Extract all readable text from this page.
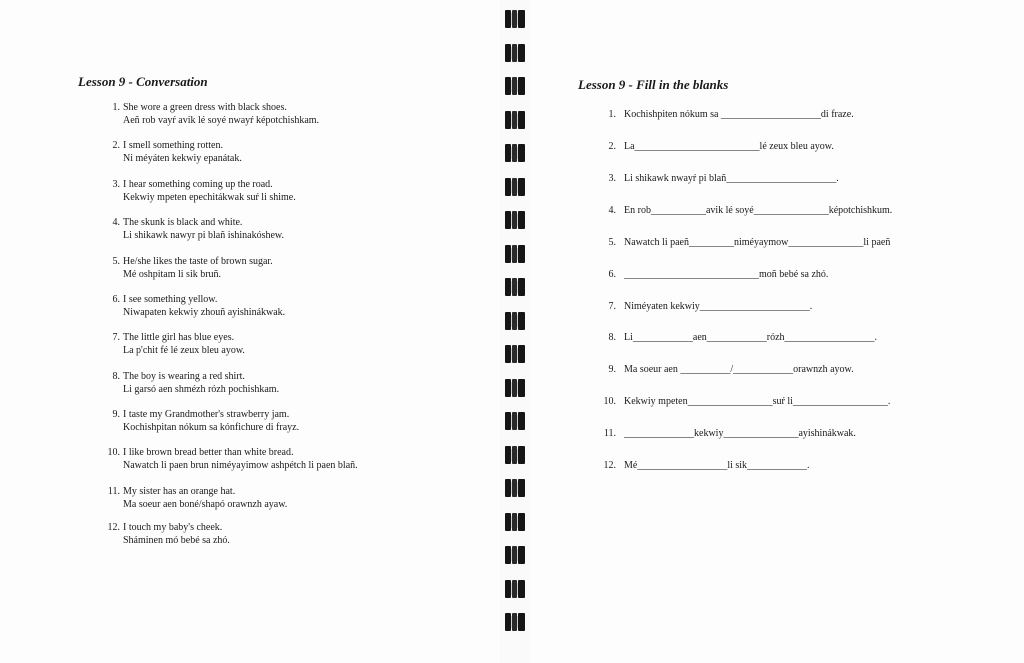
Lesson 9 - Conversation
1. She wore a green dress with black shoes.
Aeñ rob vayŕ avik lé soyé nwayŕ képotchishkam.
2. I smell something rotten.
Ni méyáten kekwiy epanátak.
3. I hear something coming up the road.
Kekwiy mpeten epechitákwak suŕ li shime.
4. The skunk is black and white.
Li shikawk nawyr pi blañ ishinakóshew.
5. He/she likes the taste of brown sugar.
Mé oshpitam li sik bruñ.
6. I see something yellow.
Niwapaten kekwiy zhouñ ayishinákwak.
7. The little girl has blue eyes.
La p'chit fé lé zeux bleu ayow.
8. The boy is wearing a red shirt.
Li garsó aen shmézh rózh pochishkam.
9. I taste my Grandmother's strawberry jam.
Kochishpitan nókum sa kónfichure di frayz.
10. I like brown bread better than white bread.
Nawatch li paen brun niméyayimow ashpétch li paen blañ.
11. My sister has an orange hat.
Ma soeur aen boné/shapó orawnzh ayaw.
12. I touch my baby's cheek.
Sháminen mó bebé sa zhó.
Lesson 9 - Fill in the blanks
1. Kochishpiten nókum sa ____________________di fraze.
2. La_________________________lé zeux bleu ayow.
3. Li shikawk nwayŕ pi blañ______________________.
4. En rob___________avik lé soyé_______________képotchishkum.
5. Nawatch li paeñ_________niméyaymow_______________li paeñ
6. ___________________________moñ bebé sa zhó.
7. Niméyaten kekwiy______________________.
8. Li____________aen____________rózh__________________.
9. Ma soeur aen __________/____________orawnzh ayow.
10. Kekwiy mpeten_________________suŕ li___________________.
11. ______________kekwiy_______________ayishinákwak.
12. Mé__________________li sik____________.
